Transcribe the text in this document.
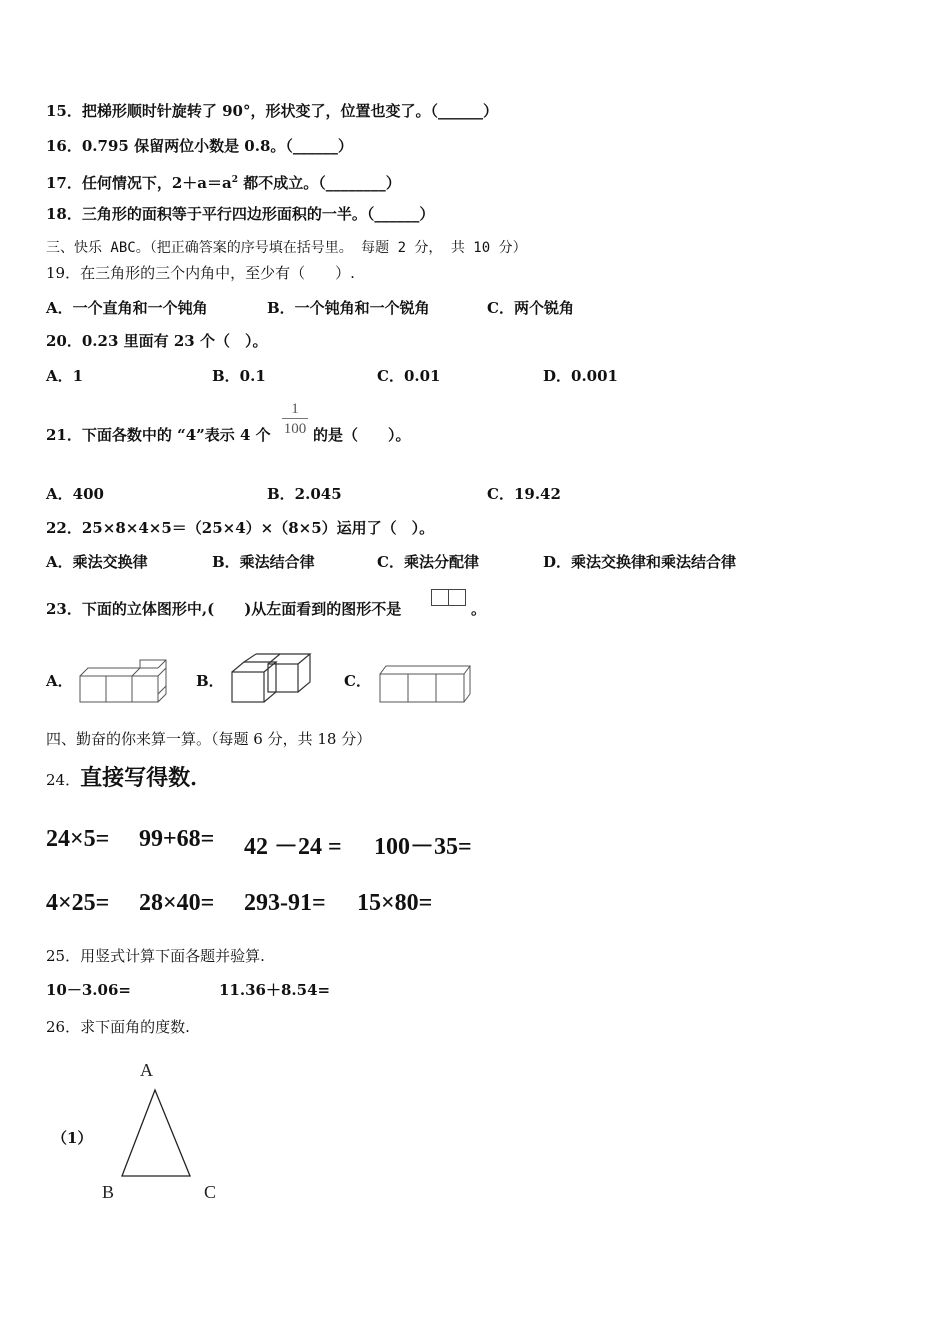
15．把梯形顺时针旋转了 90°，形状变了，位置也变了。（______）
16．0.795 保留两位小数是 0.8。（______）
17．任何情况下，$2+a=a^2$ 都不成立。（________）
18．三角形的面积等于平行四边形面积的一半。（______）
三、快乐 ABC。（把正确答案的序号填在括号里。 每题 2 分， 共 10 分）
19．在三角形的三个内角中，至少有（　　）.
A．一个直角和一个钝角	B．一个钝角和一个锐角	C．两个锐角
20．0.23 里面有 23 个（　）。
A．1	B．0.1	C．0.01	D．0.001
21．下面各数中的 “4”表示 4 个
1
100 的是（　　）。
A．400	B．2.045	C．19.42
22．25×8×4×5＝（25×4）×（8×5）运用了（　）。
A．乘法交换律	B．乘法结合律	C．乘法分配律	D．乘法交换律和乘法结合律
23．下面的立体图形中,(　　)从左面看到的图形不是	。
A．	B．	C．
四、勤奋的你来算一算。（每题 6 分，共 18 分）
24．直接写得数．
24×5= 99+68= 42 －24 = 100－35=
4×25= 28×40= 293-91= 15×80=
25．用竖式计算下面各题并验算.
10－3.06=	11.36＋8.54=
26．求下面角的度数.
（1）
A
B	C
